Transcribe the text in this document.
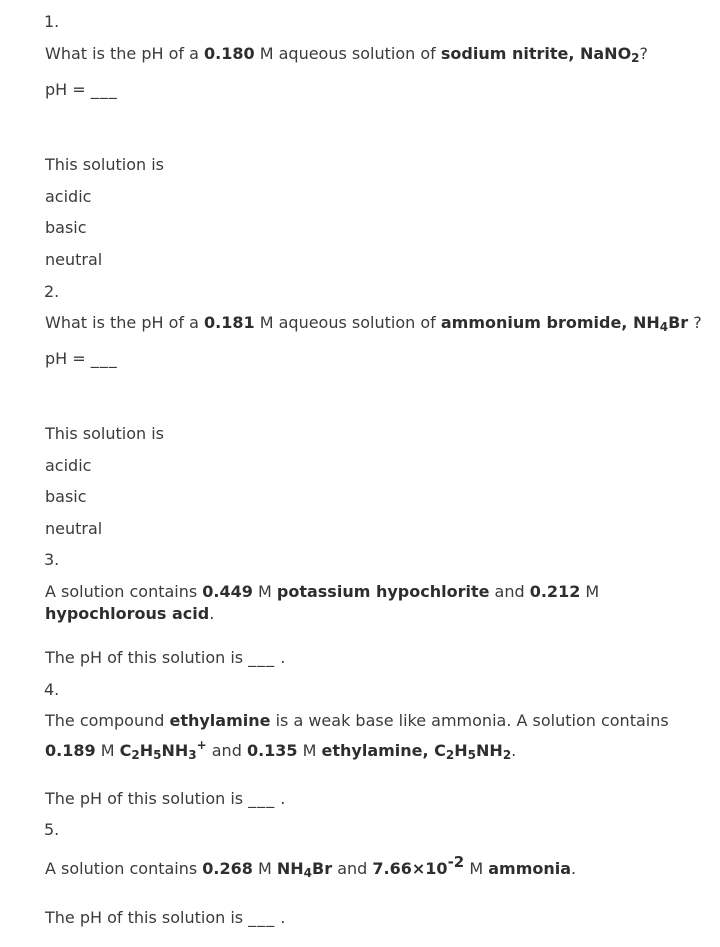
1.
What is the pH of a 0.180 M aqueous solution of sodium nitrite, NaNO$_2$?
pH = ___
This solution is
acidic
basic
neutral
2.
What is the pH of a 0.181 M aqueous solution of ammonium bromide, $NH_4Br$ ?
pH = ___
This solution is
acidic
basic
neutral
3.
A solution contains 0.449 M potassium hypochlorite and 0.212 M
hypochlorous acid.
The pH of this solution is ___ .
4.
The compound ethylamine is a weak base like ammonia. A solution contains
0.189 M $C_2H_5NH_3^+$ and 0.135 M ethylamine, $C_2H_5NH_2$.
The pH of this solution is ___ .
5.
A solution contains 0.268 M $NH_4Br$ and 7.66×10-2 M ammonia.
The pH of this solution is ___ .
